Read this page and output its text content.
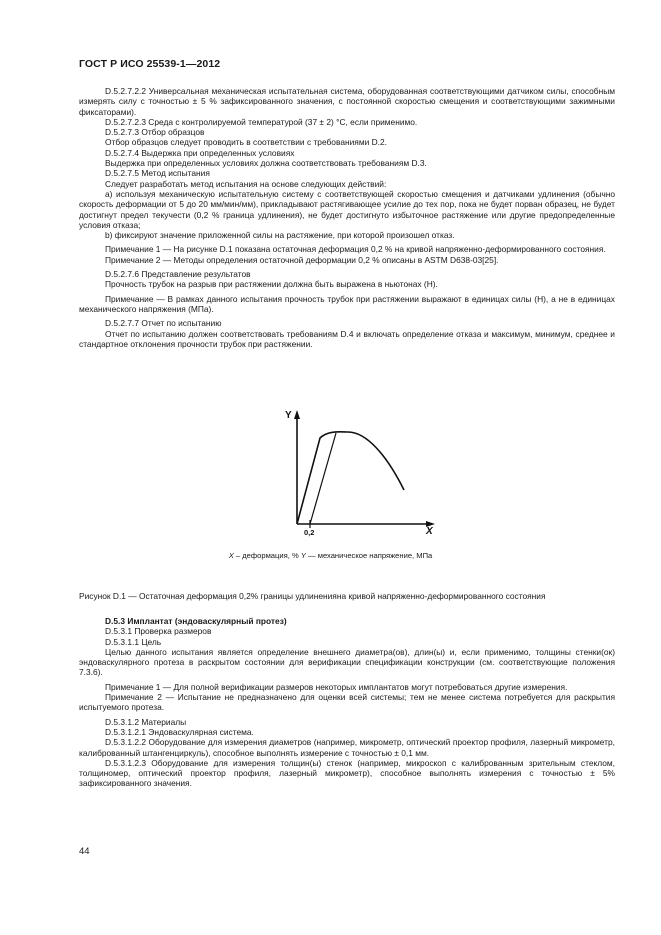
ГОСТ Р ИСО 25539-1—2012

D.5.2.7.2.2 Универсальная механическая испытательная система, оборудованная соответствующими датчиком силы, способным измерять силу с точностью ± 5 % зафиксированного значения, с постоянной скоростью смещения и соответствующими зажимными фиксаторами).

D.5.2.7.2.3 Среда с контролируемой температурой (37 ± 2) °С, если применимо.

D.5.2.7.3 Отбор образцов

Отбор образцов следует проводить в соответствии с требованиями D.2.

D.5.2.7.4 Выдержка при определенных условиях

Выдержка при определенных условиях должна соответствовать требованиям D.3.

D.5.2.7.5 Метод испытания

Следует разработать метод испытания на основе следующих действий:

а) используя механическую испытательную систему с соответствующей скоростью смещения и датчиками удлинения (обычно скорость деформации от 5 до 20 мм/мин/мм), прикладывают растягивающее усилие до тех пор, пока не будет порван образец, не будет достигнут предел текучести (0,2 % граница удлинения), не будет достигнуто избыточное растяжение или другие предопределенные условия отказа;

b) фиксируют значение приложенной силы на растяжение, при которой произошел отказ.

Примечание 1 — На рисунке D.1 показана остаточная деформация 0,2 % на кривой напряженно-деформированного состояния.

Примечание 2 — Методы определения остаточной деформации 0,2 % описаны в ASTM D638-03[25].

D.5.2.7.6 Представление результатов

Прочность трубок на разрыв при растяжении должна быть выражена в ньютонах (Н).

Примечание — В рамках данного испытания прочность трубок при растяжении выражают в единицах силы (Н), а не в единицах механического напряжения (МПа).

D.5.2.7.7 Отчет по испытанию

Отчет по испытанию должен соответствовать требованиям D.4 и включать определение отказа и максимум, минимум, среднее и стандартное отклонения прочности трубок при растяжении.

Y
X
0,2
X – деформация, % Y — механическое напряжение, МПа
Рисунок D.1 — Остаточная деформация 0,2% границы удлиненияна кривой напряженно-деформированного состояния

D.5.3 Имплантат (эндоваскулярный протез)

D.5.3.1 Проверка размеров

D.5.3.1.1 Цель

Целью данного испытания является определение внешнего диаметра(ов), длин(ы) и, если применимо, толщины стенки(ок) эндоваскулярного протеза в раскрытом состоянии для верификации спецификации конструкции (см. соответствующие положения 7.3.6).

Примечание 1 — Для полной верификации размеров некоторых имплантатов могут потребоваться другие измерения.

Примечание 2 — Испытание не предназначено для оценки всей системы; тем не менее система потребуется для раскрытия испытуемого протеза.

D.5.3.1.2 Материалы

D.5.3.1.2.1 Эндоваскулярная система.

D.5.3.1.2.2 Оборудование для измерения диаметров (например, микрометр, оптический проектор профиля, лазерный микрометр, калиброванный штангенциркуль), способное выполнять измерение с точностью ± 0,1 мм.

D.5.3.1.2.3 Оборудование для измерения толщин(ы) стенок (например, микроскоп с калиброванным зрительным стеклом, толщиномер, оптический проектор профиля, лазерный микрометр), способное выполнять измерения с точностью ± 5% зафиксированного значения.

44
